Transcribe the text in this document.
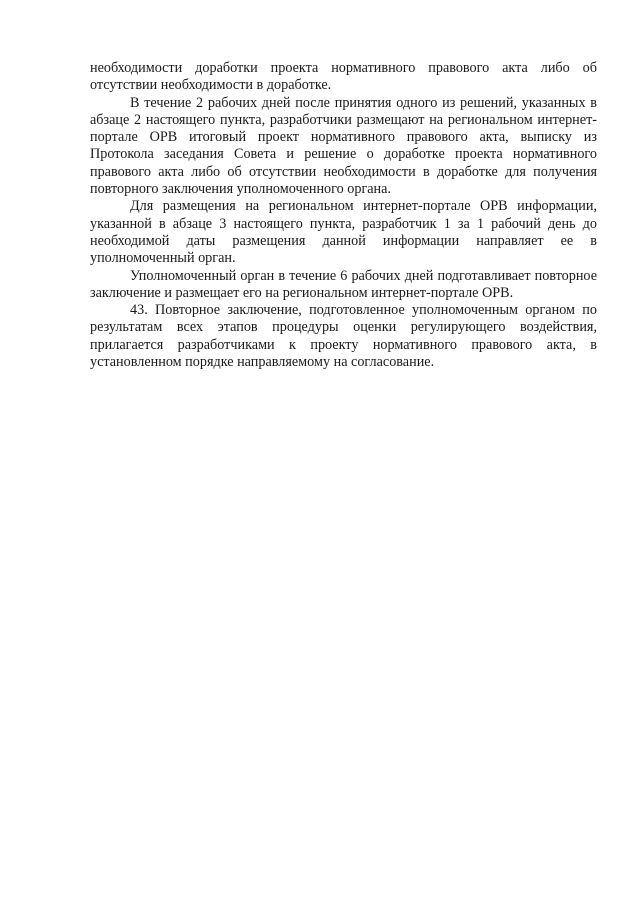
необходимости доработки проекта нормативного правового акта либо об отсутствии необходимости в доработке.

В течение 2 рабочих дней после принятия одного из решений, указанных в абзаце 2 настоящего пункта, разработчики размещают на региональном интернет-портале ОРВ итоговый проект нормативного правового акта, выписку из Протокола заседания Совета и решение о доработке проекта нормативного правового акта либо об отсутствии необходимости в доработке для получения повторного заключения уполномоченного органа.

Для размещения на региональном интернет-портале ОРВ информации, указанной в абзаце 3 настоящего пункта, разработчик 1 за 1 рабочий день до необходимой даты размещения данной информации направляет ее в уполномоченный орган.

Уполномоченный орган в течение 6 рабочих дней подготавливает повторное заключение и размещает его на региональном интернет-портале ОРВ.

43. Повторное заключение, подготовленное уполномоченным органом по результатам всех этапов процедуры оценки регулирующего воздействия, прилагается разработчиками к проекту нормативного правового акта, в установленном порядке направляемому на согласование.
